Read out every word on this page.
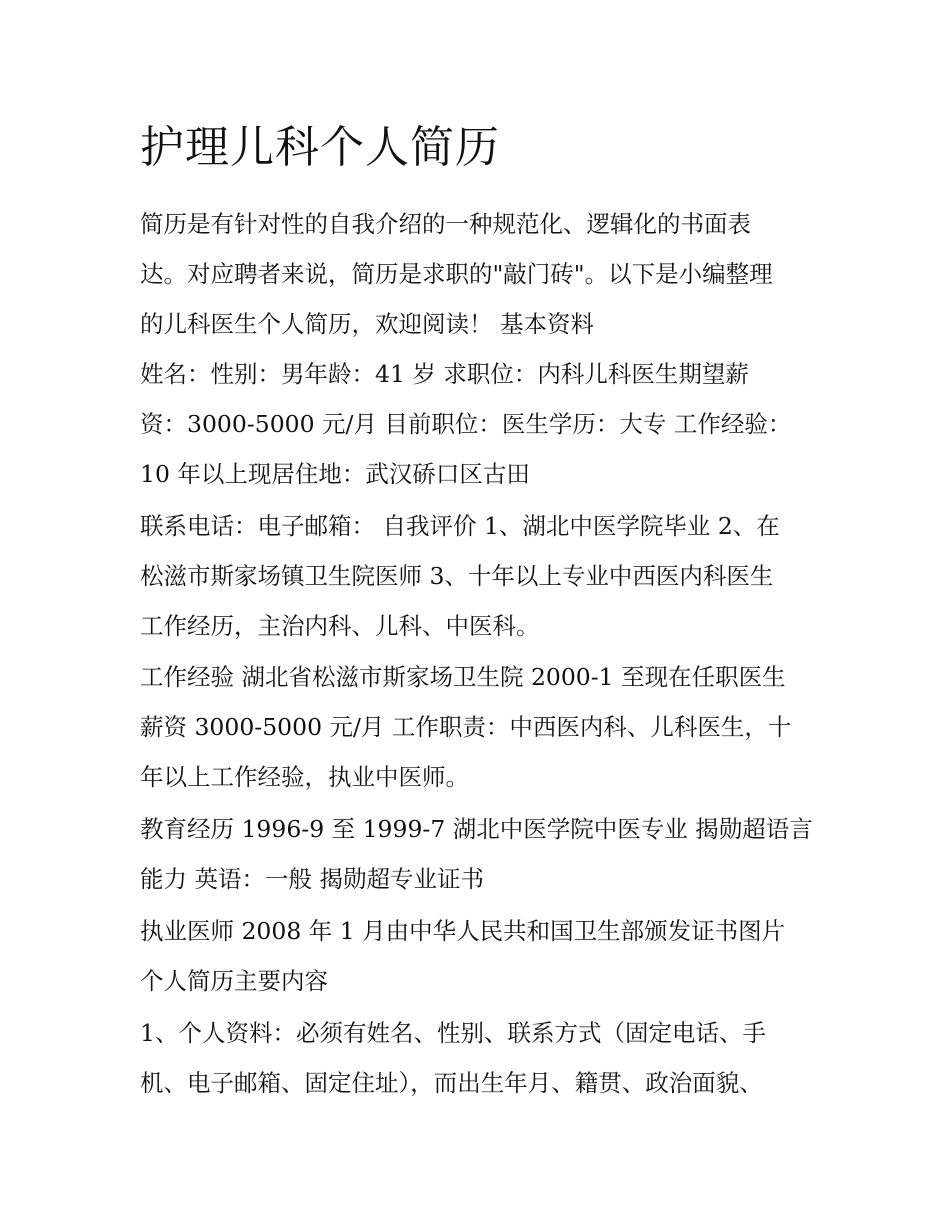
护理儿科个人简历

简历是有针对性的自我介绍的一种规范化、逻辑化的书面表

达。对应聘者来说，简历是求职的"敲门砖"。以下是小编整理

的儿科医生个人简历，欢迎阅读！ 基本资料

姓名：性别：男年龄：41 岁 求职位：内科儿科医生期望薪

资：3000-5000 元/月 目前职位：医生学历：大专 工作经验：

10 年以上现居住地：武汉硚口区古田

联系电话：电子邮箱： 自我评价 1、湖北中医学院毕业 2、在

松滋市斯家场镇卫生院医师 3、十年以上专业中西医内科医生

工作经历，主治内科、儿科、中医科。

工作经验 湖北省松滋市斯家场卫生院 2000-1 至现在任职医生

薪资 3000-5000 元/月 工作职责：中西医内科、儿科医生，十

年以上工作经验，执业中医师。

教育经历 1996-9 至 1999-7 湖北中医学院中医专业 揭勋超语言

能力 英语：一般 揭勋超专业证书

执业医师 2008 年 1 月由中华人民共和国卫生部颁发证书图片

个人简历主要内容

1、个人资料：必须有姓名、性别、联系方式（固定电话、手

机、电子邮箱、固定住址），而出生年月、籍贯、政治面貌、
